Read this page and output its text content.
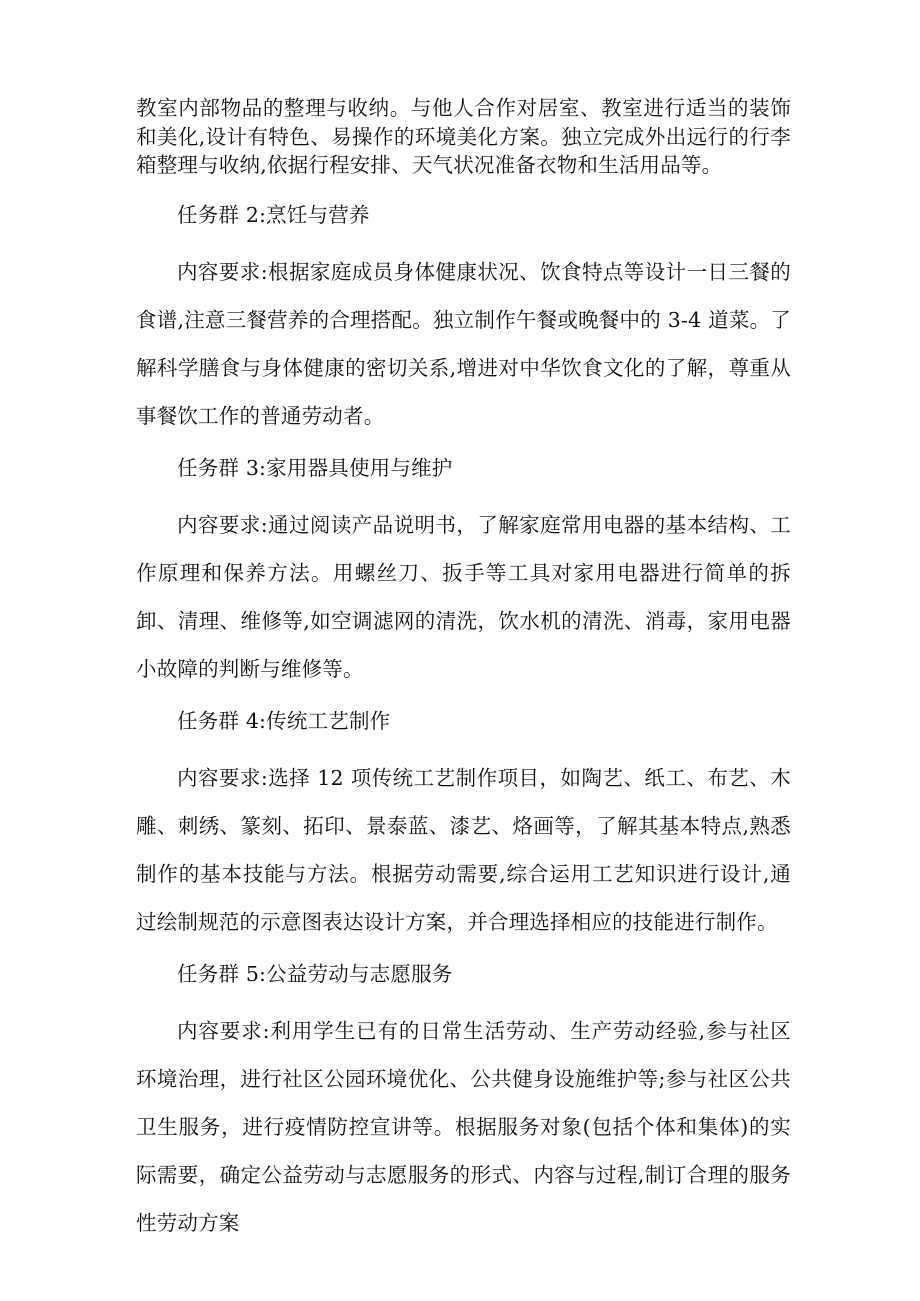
教室内部物品的整理与收纳。与他人合作对居室、教室进行适当的装饰和美化,设计有特色、易操作的环境美化方案。独立完成外出远行的行李箱整理与收纳,依据行程安排、天气状况准备衣物和生活用品等。

任务群 2:烹饪与营养

内容要求:根据家庭成员身体健康状况、饮食特点等设计一日三餐的食谱,注意三餐营养的合理搭配。独立制作午餐或晚餐中的 3-4 道菜。了解科学膳食与身体健康的密切关系,增进对中华饮食文化的了解，尊重从事餐饮工作的普通劳动者。

任务群 3:家用器具使用与维护

内容要求:通过阅读产品说明书，了解家庭常用电器的基本结构、工作原理和保养方法。用螺丝刀、扳手等工具对家用电器进行简单的拆卸、清理、维修等,如空调滤网的清洗，饮水机的清洗、消毒，家用电器小故障的判断与维修等。

任务群 4:传统工艺制作

内容要求:选择 12 项传统工艺制作项目，如陶艺、纸工、布艺、木雕、刺绣、篆刻、拓印、景泰蓝、漆艺、烙画等，了解其基本特点,熟悉制作的基本技能与方法。根据劳动需要,综合运用工艺知识进行设计,通过绘制规范的示意图表达设计方案，并合理选择相应的技能进行制作。

任务群 5:公益劳动与志愿服务

内容要求:利用学生已有的日常生活劳动、生产劳动经验,参与社区环境治理，进行社区公园环境优化、公共健身设施维护等;参与社区公共卫生服务，进行疫情防控宣讲等。根据服务对象(包括个体和集体)的实际需要，确定公益劳动与志愿服务的形式、内容与过程,制订合理的服务性劳动方案
